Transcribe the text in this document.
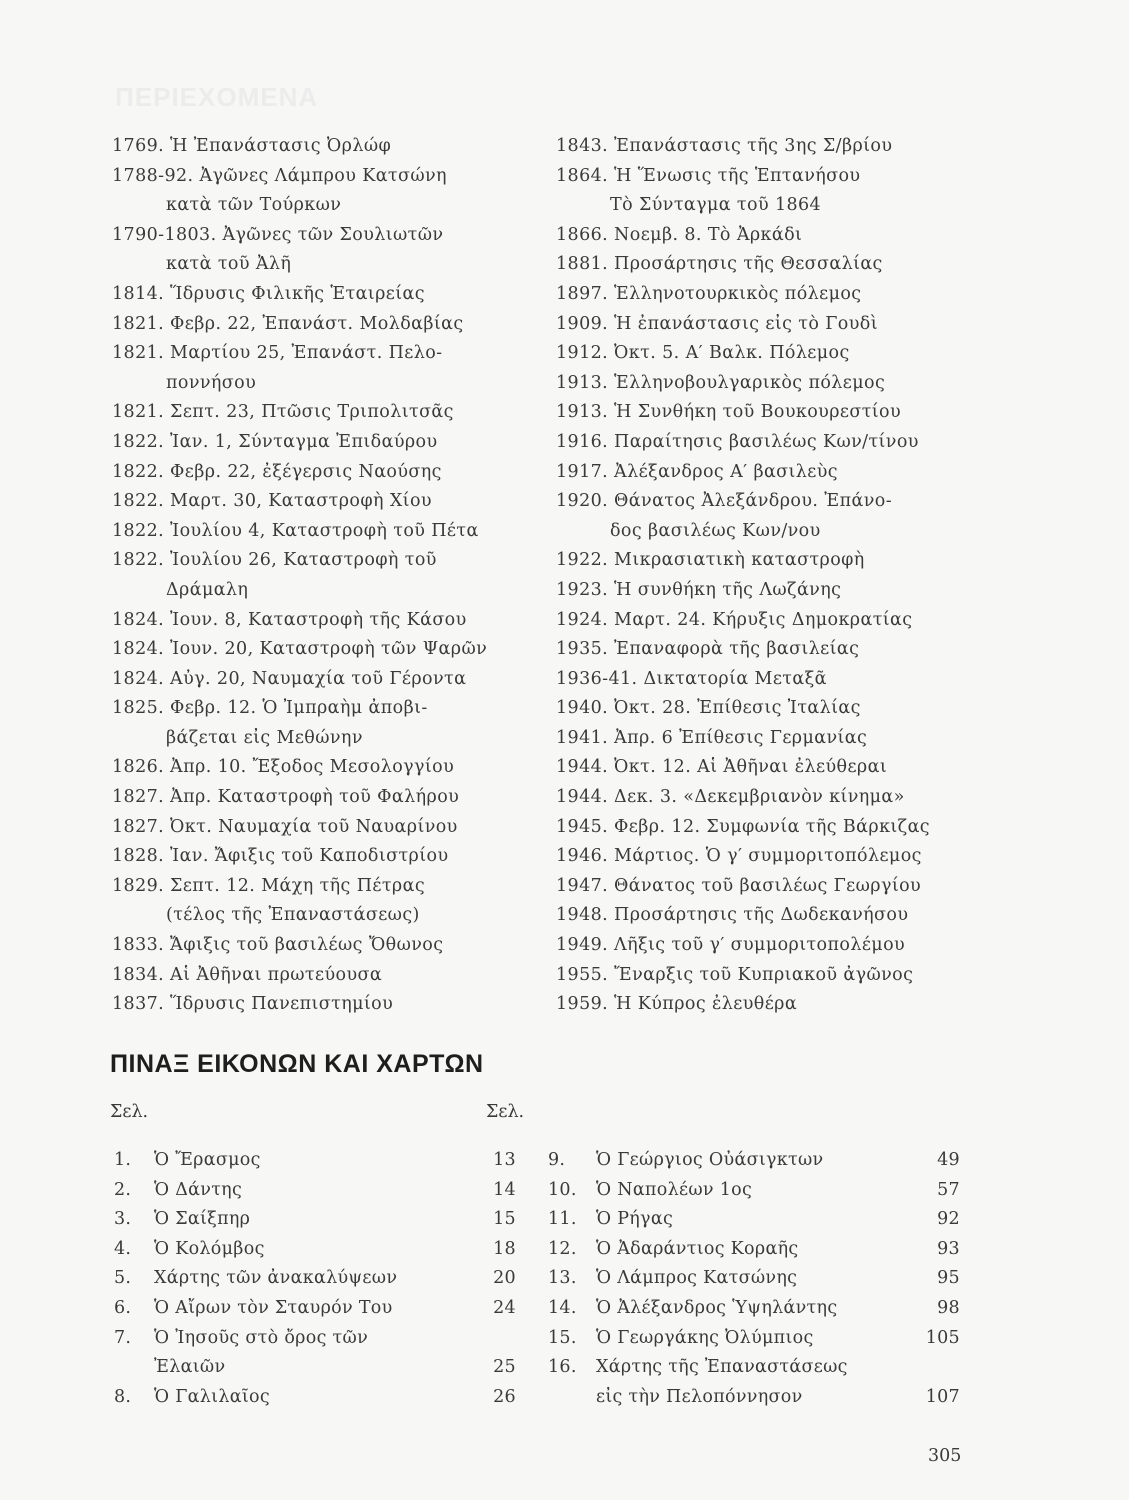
ΠΕΡΙΕΧΟΜΕΝΑ
1769. Ἡ Ἐπανάστασις Ὀρλώφ
1788-92. Ἀγῶνες Λάμπρου Κατσώνη
κατὰ τῶν Τούρκων
1790-1803. Ἀγῶνες τῶν Σουλιωτῶν
κατὰ τοῦ Ἀλῆ
1814. Ἵδρυσις Φιλικῆς Ἑταιρείας
1821. Φεβρ. 22, Ἐπανάστ. Μολδαβίας
1821. Μαρτίου 25, Ἐπανάστ. Πελο-
ποννήσου
1821. Σεπτ. 23, Πτῶσις Τριπολιτσᾶς
1822. Ἰαν. 1, Σύνταγμα Ἐπιδαύρου
1822. Φεβρ. 22, ἐξέγερσις Ναούσης
1822. Μαρτ. 30, Καταστροφὴ Χίου
1822. Ἰουλίου 4, Καταστροφὴ τοῦ Πέτα
1822. Ἰουλίου 26, Καταστροφὴ τοῦ
Δράμαλη
1824. Ἰουν. 8, Καταστροφὴ τῆς Κάσου
1824. Ἰουν. 20, Καταστροφὴ τῶν Ψαρῶν
1824. Αὐγ. 20, Ναυμαχία τοῦ Γέροντα
1825. Φεβρ. 12. Ὁ Ἰμπραὴμ ἀποβι-
βάζεται εἰς Μεθώνην
1826. Ἀπρ. 10. Ἔξοδος Μεσολογγίου
1827. Ἀπρ. Καταστροφὴ τοῦ Φαλήρου
1827. Ὀκτ. Ναυμαχία τοῦ Ναυαρίνου
1828. Ἰαν. Ἄφιξις τοῦ Καποδιστρίου
1829. Σεπτ. 12. Μάχη τῆς Πέτρας
(τέλος τῆς Ἐπαναστάσεως)
1833. Ἄφιξις τοῦ βασιλέως Ὄθωνος
1834. Αἱ Ἀθῆναι πρωτεύουσα
1837. Ἵδρυσις Πανεπιστημίου
1843. Ἐπανάστασις τῆς 3ης Σ/βρίου
1864. Ἡ Ἕνωσις τῆς Ἑπτανήσου
Τὸ Σύνταγμα τοῦ 1864
1866. Νοεμβ. 8. Τὸ Ἀρκάδι
1881. Προσάρτησις τῆς Θεσσαλίας
1897. Ἑλληνοτουρκικὸς πόλεμος
1909. Ἡ ἐπανάστασις εἰς τὸ Γουδὶ
1912. Ὀκτ. 5. Α′ Βαλκ. Πόλεμος
1913. Ἑλληνοβουλγαρικὸς πόλεμος
1913. Ἡ Συνθήκη τοῦ Βουκουρεστίου
1916. Παραίτησις βασιλέως Κων/τίνου
1917. Ἀλέξανδρος Α′ βασιλεὺς
1920. Θάνατος Ἀλεξάνδρου. Ἐπάνο-
δος βασιλέως Κων/νου
1922. Μικρασιατικὴ καταστροφὴ
1923. Ἡ συνθήκη τῆς Λωζάνης
1924. Μαρτ. 24. Κήρυξις Δημοκρατίας
1935. Ἐπαναφορὰ τῆς βασιλείας
1936-41. Δικτατορία Μεταξᾶ
1940. Ὀκτ. 28. Ἐπίθεσις Ἰταλίας
1941. Ἀπρ. 6 Ἐπίθεσις Γερμανίας
1944. Ὀκτ. 12. Αἱ Ἀθῆναι ἐλεύθεραι
1944. Δεκ. 3. «Δεκεμβριανὸν κίνημα»
1945. Φεβρ. 12. Συμφωνία τῆς Βάρκιζας
1946. Μάρτιος. Ὁ γ′ συμμοριτοπόλεμος
1947. Θάνατος τοῦ βασιλέως Γεωργίου
1948. Προσάρτησις τῆς Δωδεκανήσου
1949. Λῆξις τοῦ γ′ συμμοριτοπολέμου
1955. Ἔναρξις τοῦ Κυπριακοῦ ἀγῶνος
1959. Ἡ Κύπρος ἐλευθέρα
ΠΙΝΑΞ ΕΙΚΟΝΩΝ ΚΑΙ ΧΑΡΤΩΝ
Σελ.	Σελ.
1.	Ὁ Ἔρασμος	13
2.	Ὁ Δάντης	14
3.	Ὁ Σαίξπηρ	15
4.	Ὁ Κολόμβος	18
5.	Χάρτης τῶν ἀνακαλύψεων	20
6.	Ὁ Αἴρων τὸν Σταυρόν Του	24
7.	Ὁ Ἰησοῦς στὸ ὄρος τῶν
Ἐλαιῶν	25
8.	Ὁ Γαλιλαῖος	26
9.	Ὁ Γεώργιος Οὐάσιγκτων	49
10.	Ὁ Ναπολέων 1ος	57
11.	Ὁ Ρήγας	92
12.	Ὁ Ἀδαράντιος Κοραῆς	93
13.	Ὁ Λάμπρος Κατσώνης	95
14.	Ὁ Ἀλέξανδρος Ὑψηλάντης	98
15.	Ὁ Γεωργάκης Ὀλύμπιος	105
16.	Χάρτης τῆς Ἐπαναστάσεως
εἰς τὴν Πελοπόννησον	107
305
